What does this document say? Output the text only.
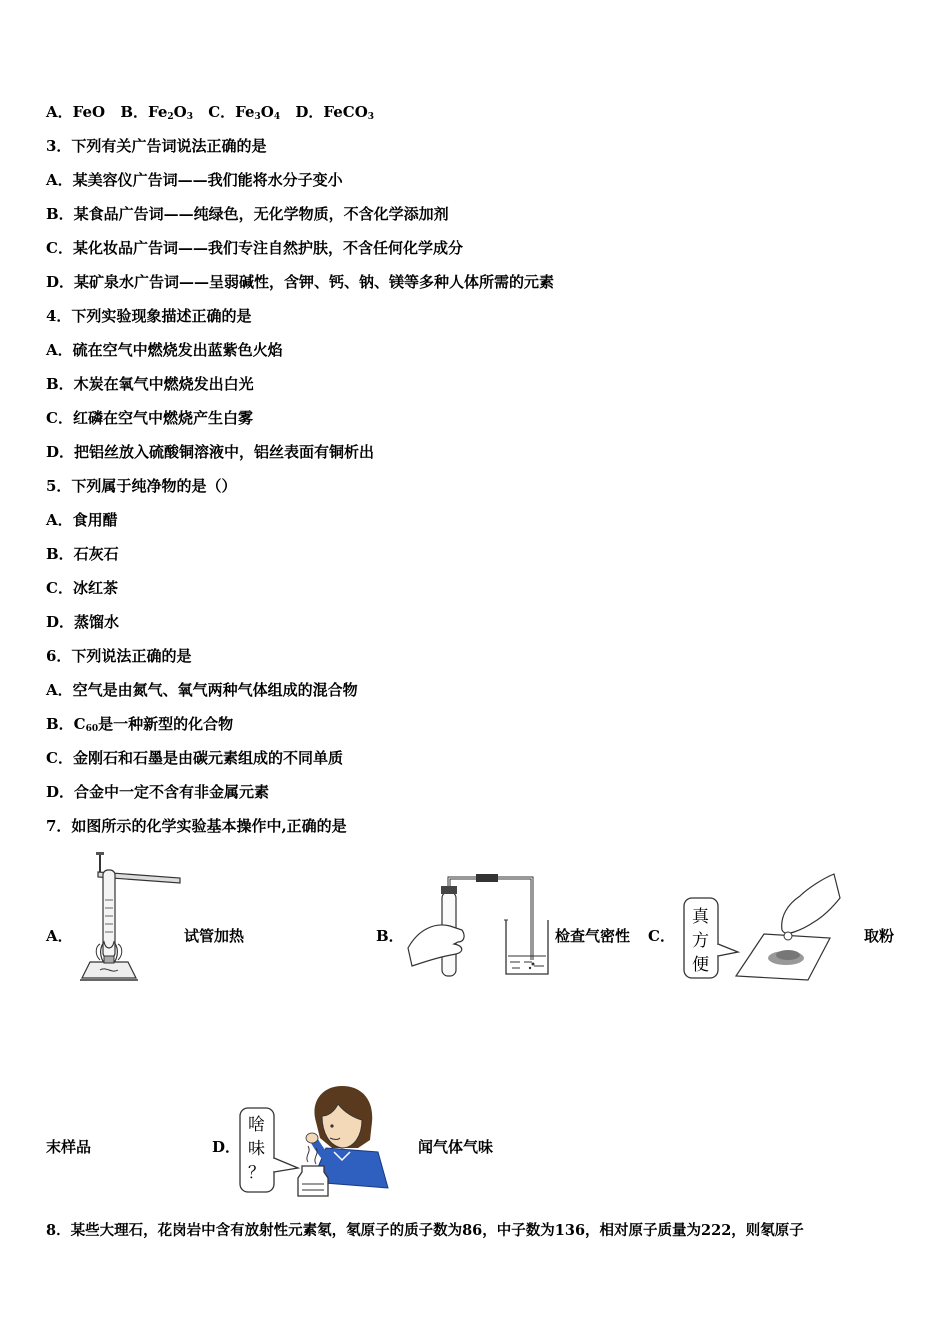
A．FeO B．$Fe_2O_3$ C．$Fe_3O_4$ D．FeCO$_3$
3．下列有关广告词说法正确的是
A．某美容仪广告词——我们能将水分子变小
B．某食品广告词——纯绿色，无化学物质，不含化学添加剂
C．某化妆品广告词——我们专注自然护肤，不含任何化学成分
D．某矿泉水广告词——呈弱碱性，含钾、钙、钠、镁等多种人体所需的元素
4．下列实验现象描述正确的是
A．硫在空气中燃烧发出蓝紫色火焰
B．木炭在氧气中燃烧发出白光
C．红磷在空气中燃烧产生白雾
D．把铝丝放入硫酸铜溶液中，铝丝表面有铜析出
5．下列属于纯净物的是（）
A．食用醋
B．石灰石
C．冰红茶
D．蒸馏水
6．下列说法正确的是
A．空气是由氮气、氧气两种气体组成的混合物
B．$C_{60}$是一种新型的化合物
C．金刚石和石墨是由碳元素组成的不同单质
D．合金中一定不含有非金属元素
7．如图所示的化学实验基本操作中,正确的是
A．	试管加热	B．	检查气密性 C．
真
方
便
取粉
末样品	D．
啥
味
？
闻气体气味
8．某些大理石，花岗岩中含有放射性元素氡，氡原子的质子数为86，中子数为136，相对原子质量为222，则氡原子
